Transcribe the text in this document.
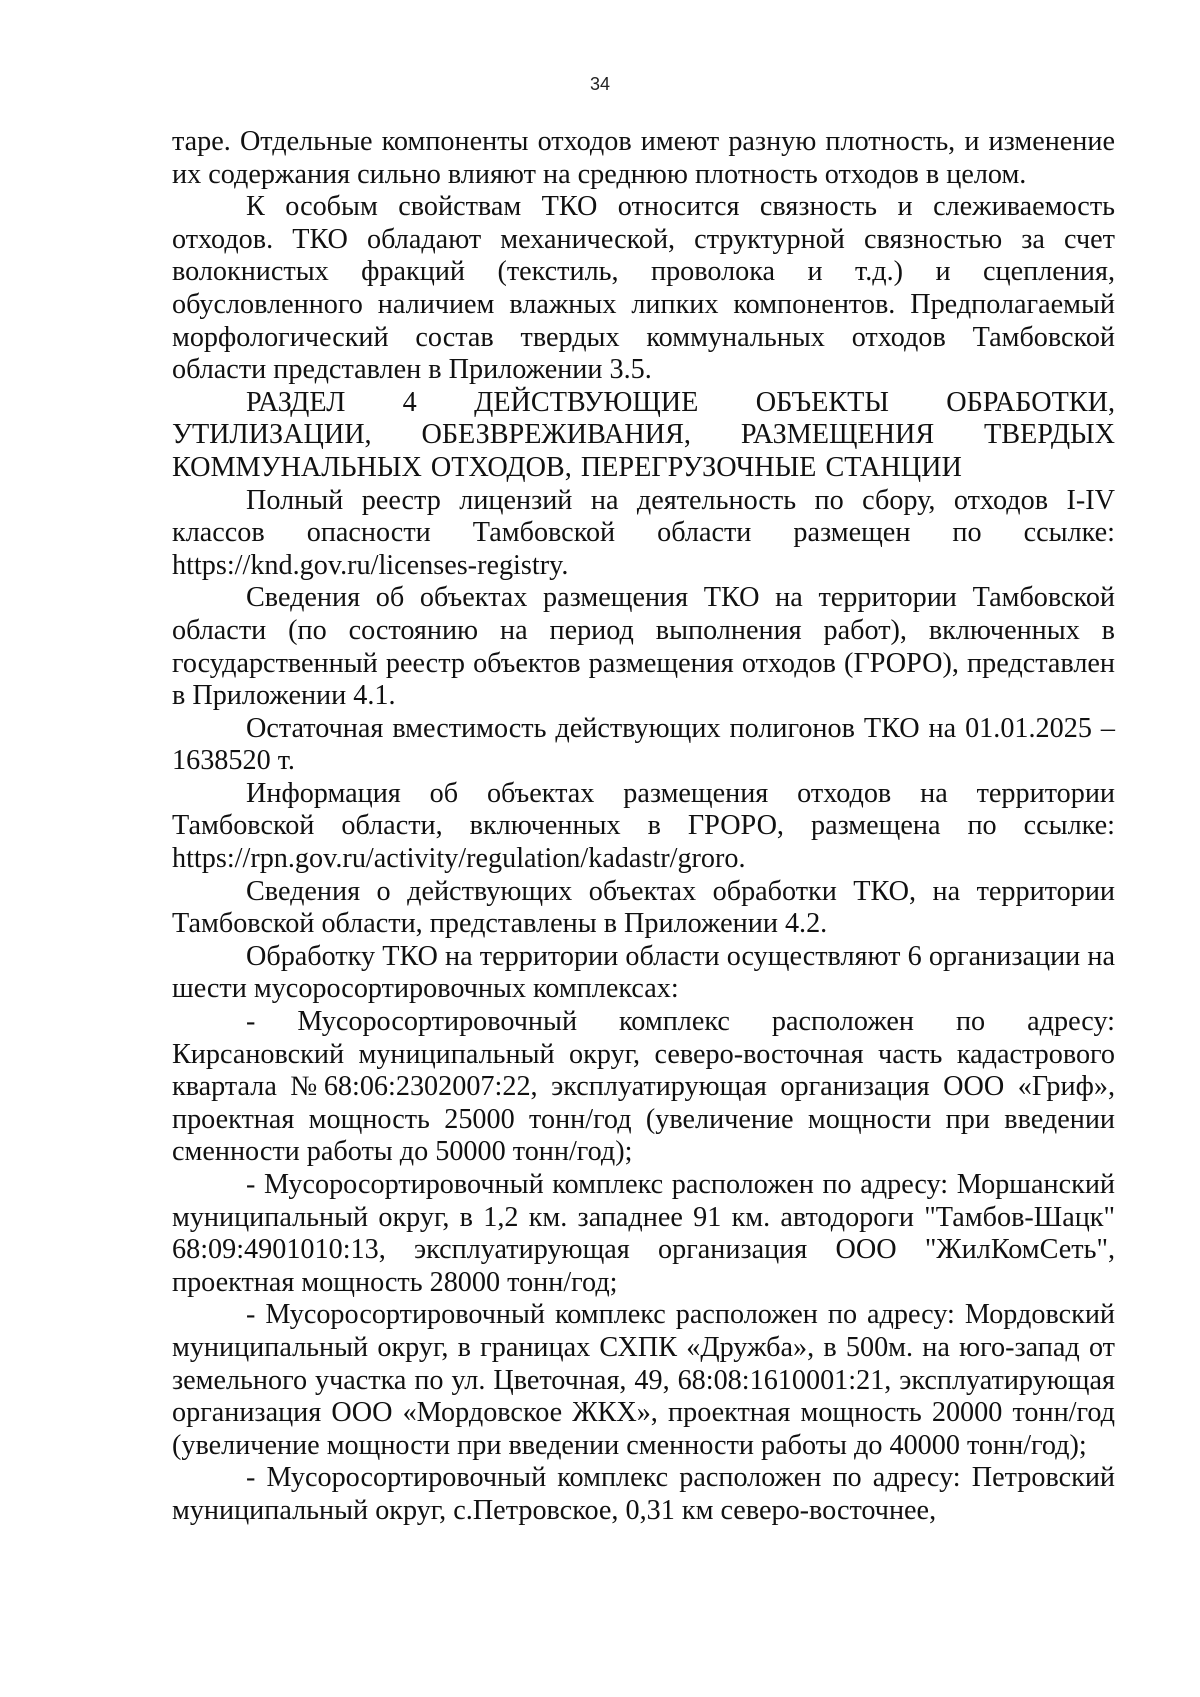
34

таре. Отдельные компоненты отходов имеют разную плотность, и изменение их содержания сильно влияют на среднюю плотность отходов в целом.

К особым свойствам ТКО относится связность и слеживаемость отходов. ТКО обладают механической, структурной связностью за счет волокнистых фракций (текстиль, проволока и т.д.) и сцепления, обусловленного наличием влажных липких компонентов. Предполагаемый морфологический состав твердых коммунальных отходов Тамбовской области представлен в Приложении 3.5.

РАЗДЕЛ 4 ДЕЙСТВУЮЩИЕ ОБЪЕКТЫ ОБРАБОТКИ, УТИЛИЗАЦИИ, ОБЕЗВРЕЖИВАНИЯ, РАЗМЕЩЕНИЯ ТВЕРДЫХ КОММУНАЛЬНЫХ ОТХОДОВ, ПЕРЕГРУЗОЧНЫЕ СТАНЦИИ

Полный реестр лицензий на деятельность по сбору, отходов I-IV классов опасности Тамбовской области размещен по ссылке: https://knd.gov.ru/licenses-registry.

Сведения об объектах размещения ТКО на территории Тамбовской области (по состоянию на период выполнения работ), включенных в государственный реестр объектов размещения отходов (ГРОРО), представлен в Приложении 4.1.

Остаточная вместимость действующих полигонов ТКО на 01.01.2025 – 1638520 т.

Информация об объектах размещения отходов на территории Тамбовской области, включенных в ГРОРО, размещена по ссылке: https://rpn.gov.ru/activity/regulation/kadastr/groro.

Сведения о действующих объектах обработки ТКО, на территории Тамбовской области, представлены в Приложении 4.2.

Обработку ТКО на территории области осуществляют 6 организации на шести мусоросортировочных комплексах:

- Мусоросортировочный комплекс расположен по адресу: Кирсановский муниципальный округ, северо-восточная часть кадастрового квартала №68:06:2302007:22, эксплуатирующая организация ООО «Гриф», проектная мощность 25000 тонн/год (увеличение мощности при введении сменности работы до 50000 тонн/год);

- Мусоросортировочный комплекс расположен по адресу: Моршанский муниципальный округ, в 1,2 км. западнее 91 км. автодороги "Тамбов-Шацк" 68:09:4901010:13, эксплуатирующая организация ООО "ЖилКомСеть", проектная мощность 28000 тонн/год;

- Мусоросортировочный комплекс расположен по адресу: Мордовский муниципальный округ, в границах СХПК «Дружба», в 500м. на юго-запад от земельного участка по ул. Цветочная, 49, 68:08:1610001:21, эксплуатирующая организация ООО «Мордовское ЖКХ», проектная мощность 20000 тонн/год (увеличение мощности при введении сменности работы до 40000 тонн/год);

- Мусоросортировочный комплекс расположен по адресу: Петровский муниципальный округ, с.Петровское, 0,31 км северо-восточнее,
